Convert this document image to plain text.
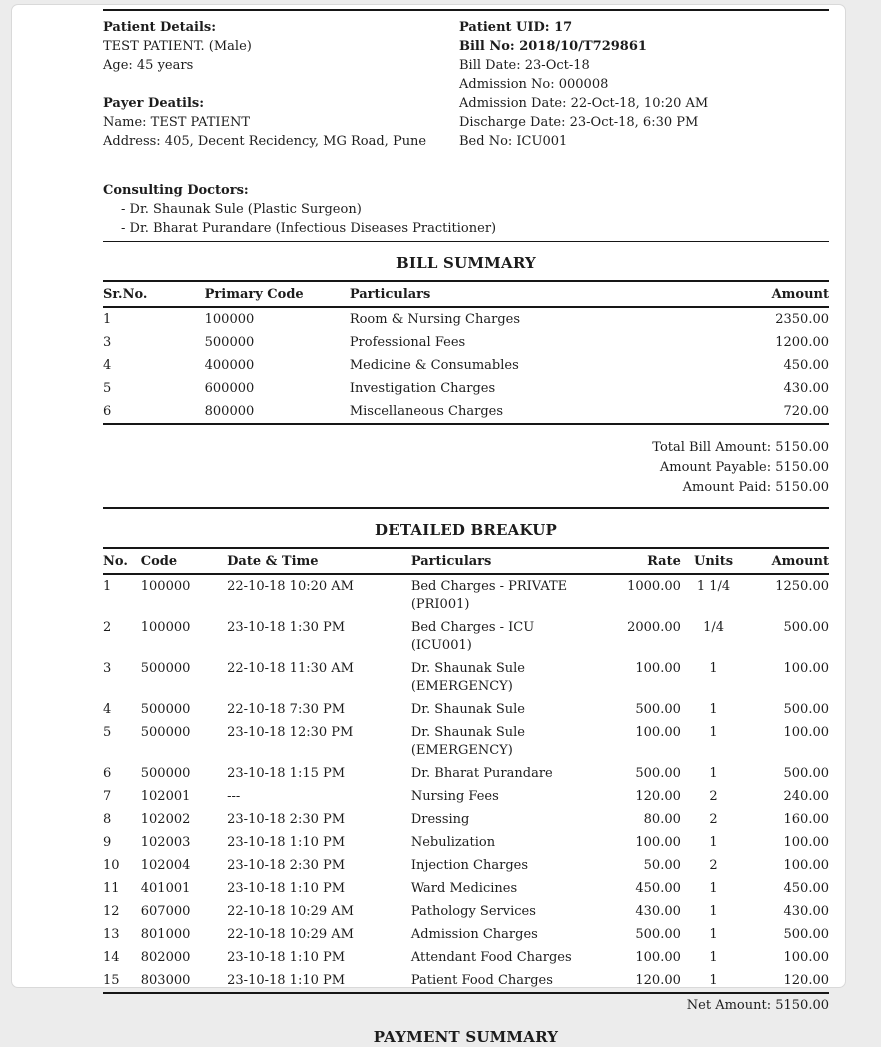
Patient Details:
TEST PATIENT. (Male)
Age: 45 years
Payer Deatils:
Name: TEST PATIENT
Address: 405, Decent Recidency, MG Road, Pune
Patient UID: 17
Bill No: 2018/10/T729861
Bill Date: 23-Oct-18
Admission No: 000008
Admission Date: 22-Oct-18, 10:20 AM
Discharge Date: 23-Oct-18, 6:30 PM
Bed No: ICU001
Consulting Doctors:
- Dr. Shaunak Sule (Plastic Surgeon)
- Dr. Bharat Purandare (Infectious Diseases Practitioner)
BILL SUMMARY
Sr.No.	Primary Code	Particulars	Amount
1	100000	Room & Nursing Charges	2350.00
3	500000	Professional Fees	1200.00
4	400000	Medicine & Consumables	450.00
5	600000	Investigation Charges	430.00
6	800000	Miscellaneous Charges	720.00
Total Bill Amount: 5150.00
Amount Payable: 5150.00
Amount Paid: 5150.00
DETAILED BREAKUP
No.	Code	Date & Time	Particulars	Rate	Units	Amount
1	100000	22-10-18 10:20 AM	Bed Charges - PRIVATE
(PRI001)	1000.00	1 1/4	1250.00
2	100000	23-10-18 1:30 PM	Bed Charges - ICU
(ICU001)	2000.00	1/4	500.00
3	500000	22-10-18 11:30 AM	Dr. Shaunak Sule
(EMERGENCY)	100.00	1	100.00
4	500000	22-10-18 7:30 PM	Dr. Shaunak Sule	500.00	1	500.00
5	500000	23-10-18 12:30 PM	Dr. Shaunak Sule
(EMERGENCY)	100.00	1	100.00
6	500000	23-10-18 1:15 PM	Dr. Bharat Purandare	500.00	1	500.00
7	102001	---	Nursing Fees	120.00	2	240.00
8	102002	23-10-18 2:30 PM	Dressing	80.00	2	160.00
9	102003	23-10-18 1:10 PM	Nebulization	100.00	1	100.00
10	102004	23-10-18 2:30 PM	Injection Charges	50.00	2	100.00
11	401001	23-10-18 1:10 PM	Ward Medicines	450.00	1	450.00
12	607000	22-10-18 10:29 AM	Pathology Services	430.00	1	430.00
13	801000	22-10-18 10:29 AM	Admission Charges	500.00	1	500.00
14	802000	23-10-18 1:10 PM	Attendant Food Charges	100.00	1	100.00
15	803000	23-10-18 1:10 PM	Patient Food Charges	120.00	1	120.00
Net Amount: 5150.00
PAYMENT SUMMARY
